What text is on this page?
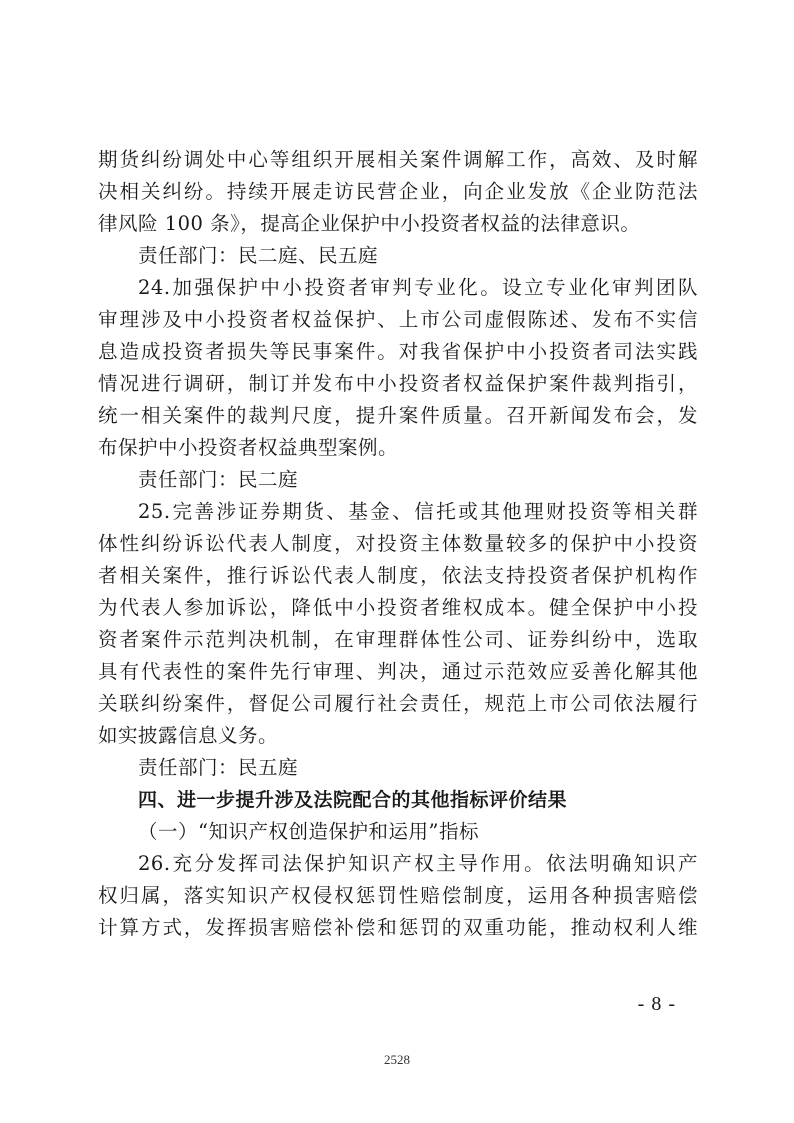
期货纠纷调处中心等组织开展相关案件调解工作，高效、及时解
决相关纠纷。持续开展走访民营企业，向企业发放《企业防范法
律风险 100 条》，提高企业保护中小投资者权益的法律意识。
责任部门：民二庭、民五庭
24.加强保护中小投资者审判专业化。设立专业化审判团队
审理涉及中小投资者权益保护、上市公司虚假陈述、发布不实信
息造成投资者损失等民事案件。对我省保护中小投资者司法实践
情况进行调研，制订并发布中小投资者权益保护案件裁判指引，
统一相关案件的裁判尺度，提升案件质量。召开新闻发布会，发
布保护中小投资者权益典型案例。
责任部门：民二庭
25.完善涉证券期货、基金、信托或其他理财投资等相关群
体性纠纷诉讼代表人制度，对投资主体数量较多的保护中小投资
者相关案件，推行诉讼代表人制度，依法支持投资者保护机构作
为代表人参加诉讼，降低中小投资者维权成本。健全保护中小投
资者案件示范判决机制，在审理群体性公司、证券纠纷中，选取
具有代表性的案件先行审理、判决，通过示范效应妥善化解其他
关联纠纷案件，督促公司履行社会责任，规范上市公司依法履行
如实披露信息义务。
责任部门：民五庭
四、进一步提升涉及法院配合的其他指标评价结果
（一）“知识产权创造保护和运用”指标
26.充分发挥司法保护知识产权主导作用。依法明确知识产
权归属，落实知识产权侵权惩罚性赔偿制度，运用各种损害赔偿
计算方式，发挥损害赔偿补偿和惩罚的双重功能，推动权利人维
- 8 -
2528
